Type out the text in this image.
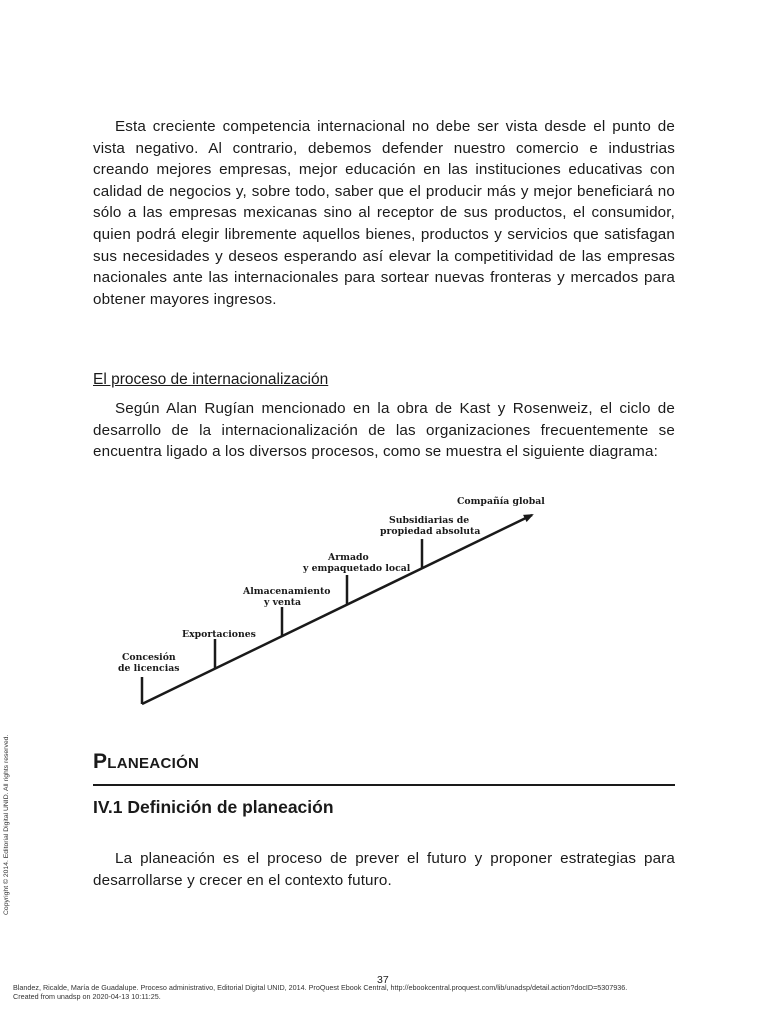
Esta creciente competencia internacional no debe ser vista desde el punto de vista negativo. Al contrario, debemos defender nuestro comercio e industrias creando mejores empresas, mejor educación en las instituciones educativas con calidad de negocios y, sobre todo, saber que el producir más y mejor beneficiará no sólo a las empresas mexicanas sino al receptor de sus productos, el consumidor, quien podrá elegir libremente aquellos bienes, productos y servicios que satisfagan sus necesidades y deseos esperando así elevar la competitividad de las empresas nacionales ante las internacionales para sortear nuevas fronteras y mercados para obtener mayores ingresos.

El proceso de internacionalización

Según Alan Rugían mencionado en la obra de Kast y Rosenweiz, el ciclo de desarrollo de la internacionalización de las organizaciones frecuentemente se encuentra ligado a los diversos procesos, como se muestra el siguiente diagrama:

Concesión
de licencias
Exportaciones
Almacenamiento
y venta
Armado
y empaquetado local
Subsidiarias de
propiedad absoluta
Compañía global
Planeación
IV.1 Definición de planeación

La planeación es el proceso de prever el futuro y proponer estrategias para desarrollarse y crecer en el contexto futuro.

Copyright © 2014. Editorial Digital UNID. All rights reserved.
37
Blandez, Ricalde, María de Guadalupe. Proceso administrativo, Editorial Digital UNID, 2014. ProQuest Ebook Central, http://ebookcentral.proquest.com/lib/unadsp/detail.action?docID=5307936.
Created from unadsp on 2020-04-13 10:11:25.
